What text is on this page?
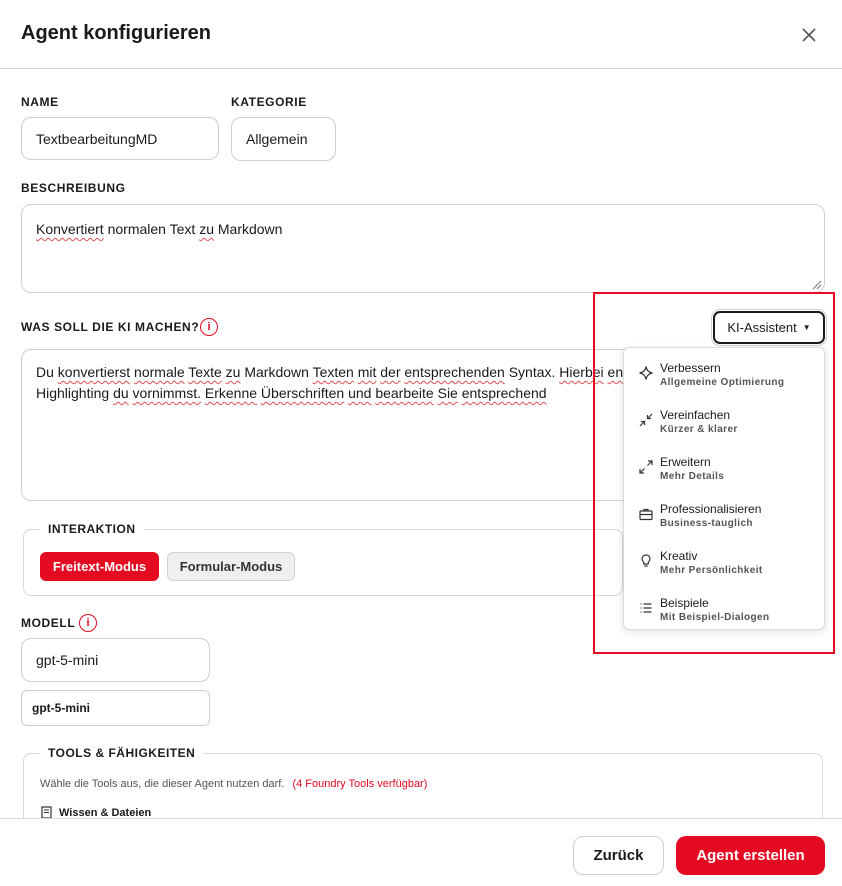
Agent konfigurieren
NAME
TextbearbeitungMD
KATEGORIE
Allgemein
BESCHREIBUNG
Konvertiert normalen Text zu Markdown
WAS SOLL DIE KI MACHEN? i
Du konvertierst normale Texte zu Markdown Texten mit der entsprechenden Syntax. Hierbei en
Highlighting du vornimmst. Erkenne Überschriften und bearbeite Sie entsprechend
INTERAKTION
Freitext-Modus	Formular-Modus
MODELL	i
gpt-5-mini
gpt-5-mini
TOOLS & FÄHIGKEITEN
Wähle die Tools aus, die dieser Agent nutzen darf. (4 Foundry Tools verfügbar)
Wissen & Dateien
KI-Assistent ▼
Verbessern
Allgemeine Optimierung
Vereinfachen
Kürzer & klarer
Erweitern
Mehr Details
Professionalisieren
Business-tauglich
Kreativ
Mehr Persönlichkeit
Beispiele
Mit Beispiel-Dialogen
Zurück	Agent erstellen
